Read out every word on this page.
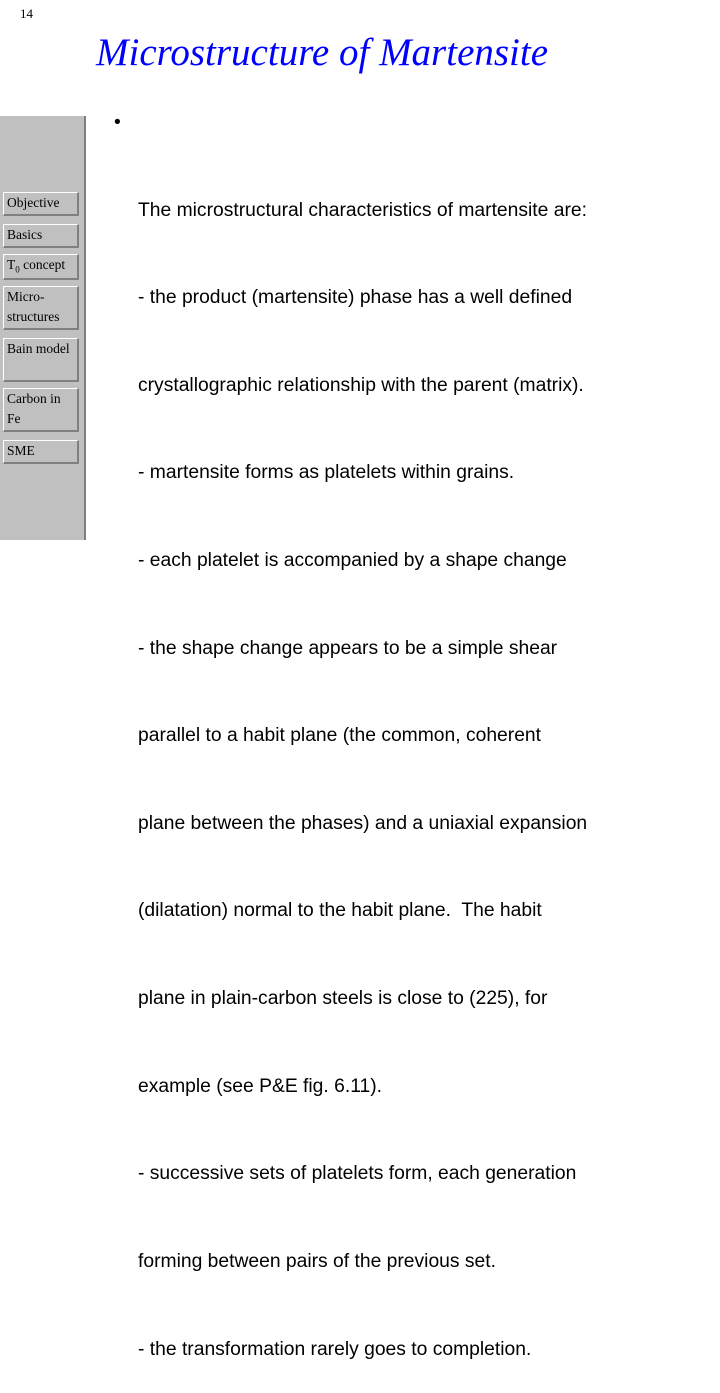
14
Microstructure of Martensite
Objective
Basics
$T_0$ concept
Micro-structures
Bain model
Carbon in Fe
SME

•

The microstructural characteristics of martensite are:

- the product (martensite) phase has a well defined

crystallographic relationship with the parent (matrix).

- martensite forms as platelets within grains.

- each platelet is accompanied by a shape change

- the shape change appears to be a simple shear

parallel to a habit plane (the common, coherent

plane between the phases) and a uniaxial expansion

(dilatation) normal to the habit plane.  The habit

plane in plain-carbon steels is close to (225), for

example (see P&E fig. 6.11).

- successive sets of platelets form, each generation

forming between pairs of the previous set.

- the transformation rarely goes to completion.
